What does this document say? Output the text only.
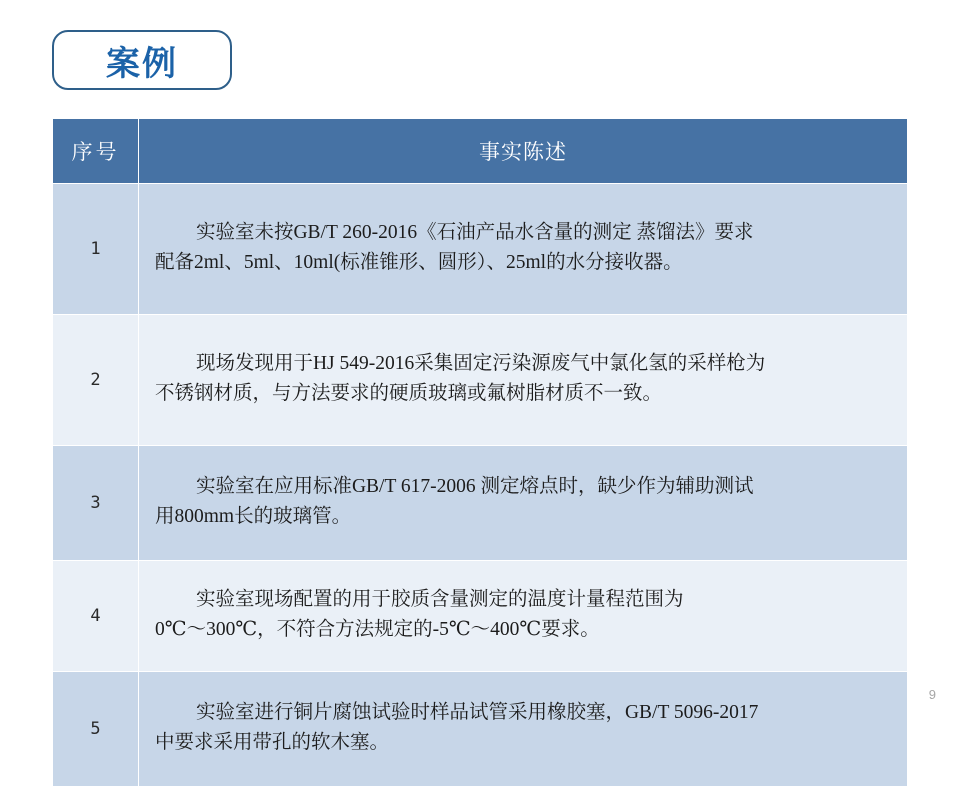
案例
序号	事实陈述
1	实验室未按GB/T 260-2016《石油产品水含量的测定 蒸馏法》要求
配备2ml、5ml、10ml(标准锥形、圆形）、25ml的水分接收器。

2	现场发现用于HJ 549-2016采集固定污染源废气中氯化氢的采样枪为
不锈钢材质，与方法要求的硬质玻璃或氟树脂材质不一致。

3	实验室在应用标准GB/T 617-2006 测定熔点时，缺少作为辅助测试
用800mm长的玻璃管。

4	实验室现场配置的用于胶质含量测定的温度计量程范围为
0℃～300℃，不符合方法规定的-5℃～400℃要求。

5	实验室进行铜片腐蚀试验时样品试管采用橡胶塞，GB/T 5096-2017
中要求采用带孔的软木塞。
9
